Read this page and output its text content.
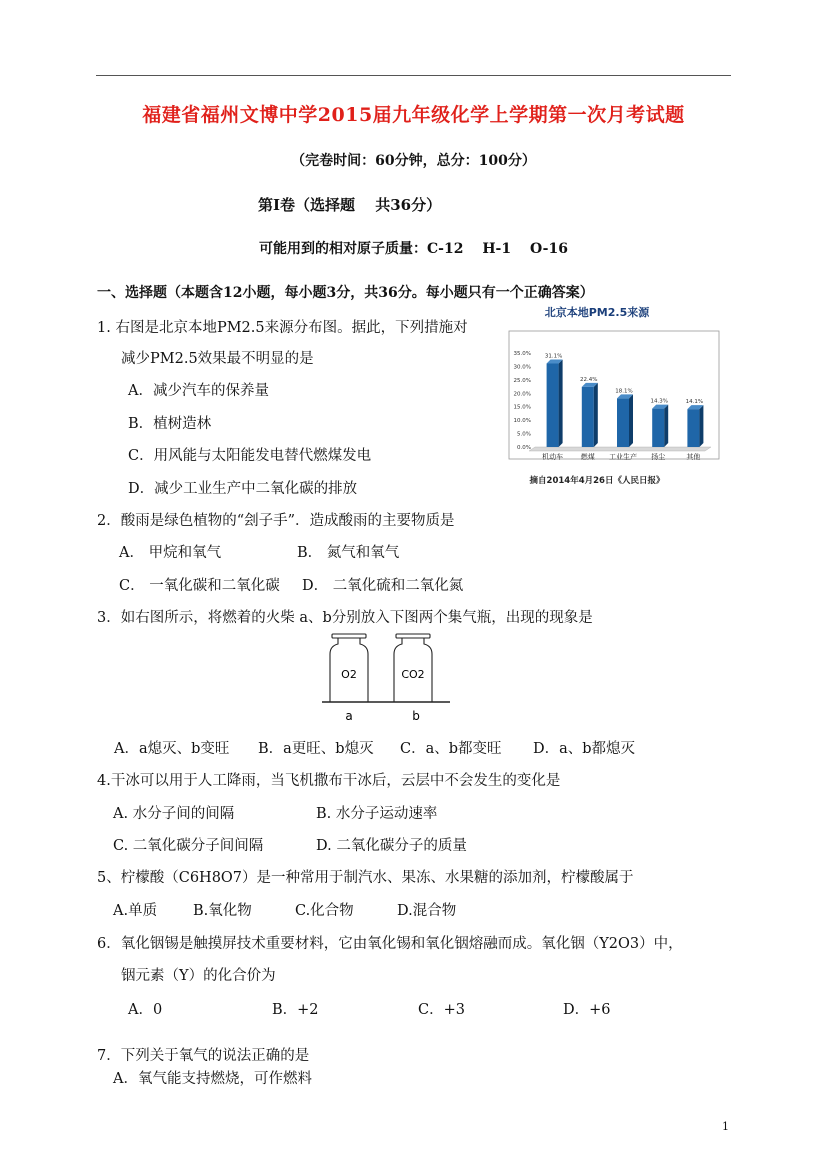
福建省福州文博中学2015届九年级化学上学期第一次月考试题
（完卷时间：60分钟，总分：100分）
第Ⅰ卷（选择题　 共36分）
可能用到的相对原子质量：C-12　 H-1　 O-16
一、选择题（本题含12小题，每小题3分，共36分。每小题只有一个正确答案）
1. 右图是北京本地PM2.5来源分布图。据此，下列措施对
减少PM2.5效果最不明显的是
A．减少汽车的保养量
B．植树造林
C．用风能与太阳能发电替代燃煤发电
D．减少工业生产中二氧化碳的排放
北京本地PM2.5来源
0.0%
5.0%
10.0%
15.0%
20.0%
25.0%
30.0%
35.0%	31.1%
22.4%
18.1%
14.3%	14.1%
机动车	燃煤 工业生产 扬尘	其他
摘自2014年4月26日《人民日报》
2．酸雨是绿色植物的“刽子手”．造成酸雨的主要物质是
A． 甲烷和氧气	B． 氮气和氧气
C． 一氧化碳和二氧化碳 D． 二氧化硫和二氧化氮
3．如右图所示，将燃着的火柴 a、b分别放入下图两个集气瓶，出现的现象是
O2	CO2
a	b
A．a熄灭、b变旺 B．a更旺、b熄灭 C．a、b都变旺 D．a、b都熄灭
4.干冰可以用于人工降雨，当飞机撒布干冰后，云层中不会发生的变化是
A. 水分子间的间隔	B. 水分子运动速率
C. 二氧化碳分子间间隔	D. 二氧化碳分子的质量
5、柠檬酸（C6H8O7）是一种常用于制汽水、果冻、水果糖的添加剂，柠檬酸属于
A.单质 B.氧化物	C.化合物	D.混合物
6．氧化铟锡是触摸屏技术重要材料，它由氧化锡和氧化铟熔融而成。氧化铟（Y2O3）中，
铟元素（Y）的化合价为
A．0	B．+2	C．+3	D．+6
7．下列关于氧气的说法正确的是
A．氧气能支持燃烧，可作燃料
1
